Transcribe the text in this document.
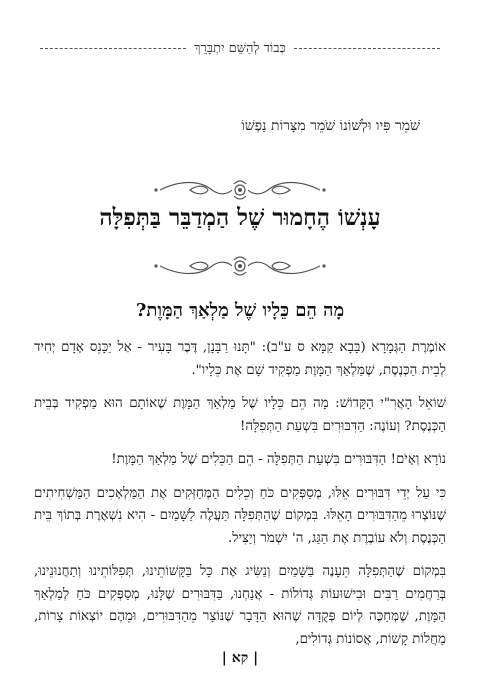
כְּבוֹד לְהַשֵּׁם יִתְבָּרֵךְ
שֹׁמֵר פִּיו וּלְשׁוֹנוֹ שֹׁמֵר מִצָּרוֹת נַפְשׁוֹ
עָנְשׁוֹ הֶחָמוּר שֶׁל הַמְדַבֵּר בַּתְּפִלָּה
מָה הֵם כֵּלָיו שֶׁל מַלְאַךְ הַמָּוֶת?

אוֹמֶרֶת הַגְּמָרָא (בָּבָא קַמָּא ס ע"ב): "תָּנוּ רַבָּנָן, דֶּבֶר בָּעִיר - אַל יַכָּנֵס אָדָם יְחִיד לְבֵית הַכְּנֶסֶת, שֶׁמַּלְאַךְ הַמָּוֶת מַפְקִיד שָׁם אֶת כֵּלָיו".

שׁוֹאֵל הָאֲרִ"י הַקָּדוֹשׁ: מָה הֵם כֵּלָיו שֶׁל מַלְאַךְ הַמָּוֶת שֶׁאוֹתָם הוּא מַפְקִיד בְּבֵית הַכְּנֶסֶת? וְעוֹנֶה: הַדִּבּוּרִים בִּשְׁעַת הַתְּפִלָּה!

נוֹרָא וְאָיֹם! הַדִּבּוּרִים בִּשְׁעַת הַתְּפִלָּה - הֵם הַכֵּלִים שֶׁל מַלְאַךְ הַמָּוֶת!

כִּי עַל יְדֵי דִּבּוּרִים אֵלּוּ, מְסַפְּקִים כֹּחַ וְכֵלִים הַמְּחַזְּקִים אֶת הַמַּלְאָכִים הַמַּשְׁחִיתִים שֶׁנּוֹצְרוּ מֵהַדִּבּוּרִים הָאֵלּוּ. בִּמְקוֹם שֶׁהַתְּפִלָּה תַּעֲלֶה לַשָּׁמַיִם - הִיא נִשְׁאֶרֶת בְּתוֹךְ בֵּית הַכְּנֶסֶת וְלֹא עוֹבֶרֶת אֶת הַגַּג, ה' יִשְׁמֹר וְיַצִּיל.

בִּמְקוֹם שֶׁהַתְּפִלָּה תֵּעָנֶה בַּשָּׁמַיִם וְנַשִּׂיג אֶת כָּל בַּקָּשׁוֹתֵינוּ, תְּפִלּוֹתֵינוּ וְתַחֲנוּנֵינוּ, בְּרַחֲמִים רַבִּים וּבִישׁוּעוֹת גְּדוֹלוֹת - אֲנַחְנוּ, בַּדִּבּוּרִים שֶׁלָּנוּ, מְסַפְּקִים כֹּחַ לְמַלְאַךְ הַמָּוֶת, שֶׁמְּחַכֶּה לְיוֹם פְּקֻדָּה שֶׁהוּא הַדָּבָר שֶׁנּוֹצָר מֵהַדִּבּוּרִים, וּמֵהֶם יוֹצְאוֹת צָרוֹת, מַחֲלוֹת קָשׁוֹת, אֲסוֹנוֹת גְּדוֹלִים,

| קא |
